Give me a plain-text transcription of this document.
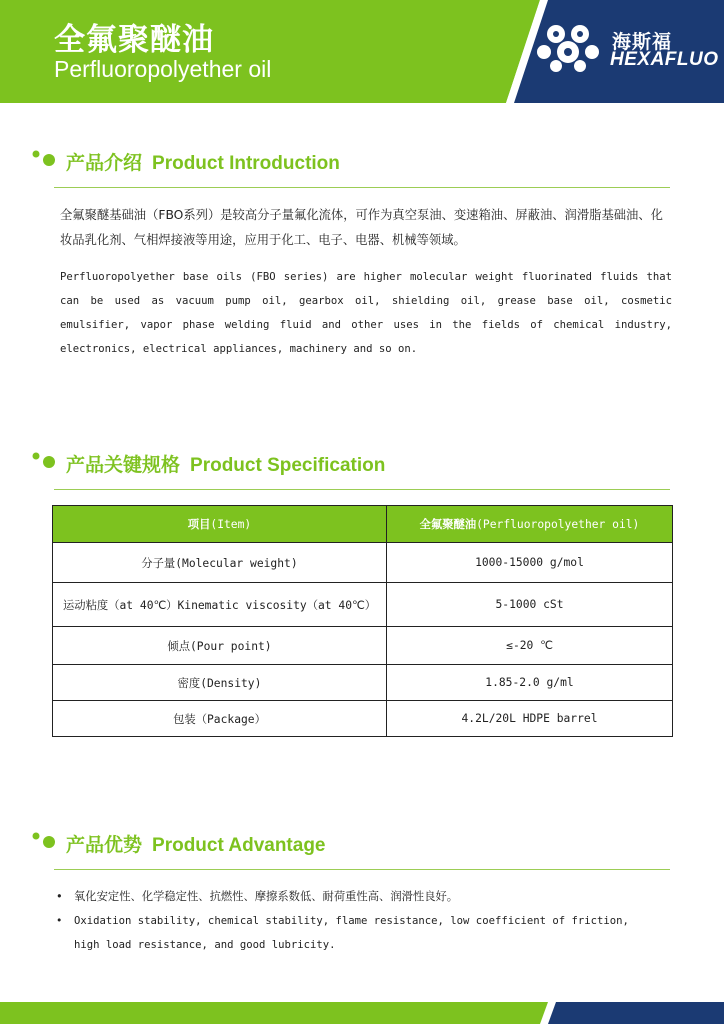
全氟聚醚油
Perfluoropolyether oil
海斯福
HEXAFLUO
产品介绍 Product Introduction
全氟聚醚基础油（FBO系列）是较高分子量氟化流体，可作为真空泵油、变速箱油、屏蔽油、润滑脂基础油、化妆品乳化剂、气相焊接液等用途，应用于化工、电子、电器、机械等领域。
Perfluoropolyether base oils (FBO series) are higher molecular weight fluorinated fluids that can be used as vacuum pump oil, gearbox oil, shielding oil, grease base oil, cosmetic emulsifier, vapor phase welding fluid and other uses in the fields of chemical industry, electronics, electrical appliances, machinery and so on.
产品关键规格 Product Specification
项目(Item)	全氟聚醚油(Perfluoropolyether oil)
分子量(Molecular weight)	1000-15000 g/mol
运动粘度（at 40℃）Kinematic viscosity（at 40℃）	5-1000 cSt
倾点(Pour point)	≤-20 ℃
密度(Density)	1.85-2.0 g/ml
包装（Package）	4.2L/20L HDPE barrel
产品优势 Product Advantage
• 氧化安定性、化学稳定性、抗燃性、摩擦系数低、耐荷重性高、润滑性良好。
• Oxidation stability, chemical stability, flame resistance, low coefficient of friction, high load resistance, and good lubricity.
